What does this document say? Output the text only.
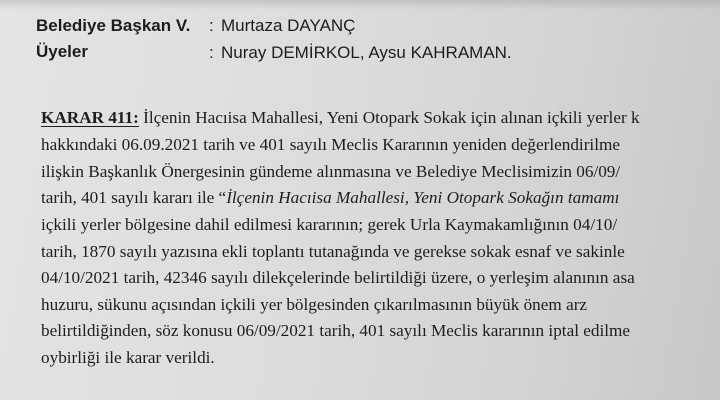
Belediye Başkan V. : Murtaza DAYANÇ
Üyeler	: Nuray DEMİRKOL, Aysu KAHRAMAN.
KARAR 411: İlçenin Hacıisa Mahallesi, Yeni Otopark Sokak için alınan içkili yerler k
hakkındaki 06.09.2021 tarih ve 401 sayılı Meclis Kararının yeniden değerlendirilme
ilişkin Başkanlık Önergesinin gündeme alınmasına ve Belediye Meclisimizin 06/09/
tarih, 401 sayılı kararı ile “İlçenin Hacıisa Mahallesi, Yeni Otopark Sokağın tamamı
içkili yerler bölgesine dahil edilmesi kararının; gerek Urla Kaymakamlığının 04/10/
tarih, 1870 sayılı yazısına ekli toplantı tutanağında ve gerekse sokak esnaf ve sakinle
04/10/2021 tarih, 42346 sayılı dilekçelerinde belirtildiği üzere, o yerleşim alanının asa
huzuru, sükunu açısından içkili yer bölgesinden çıkarılmasının büyük önem arz
belirtildiğinden, söz konusu 06/09/2021 tarih, 401 sayılı Meclis kararının iptal edilme
oybirliği ile karar verildi.
